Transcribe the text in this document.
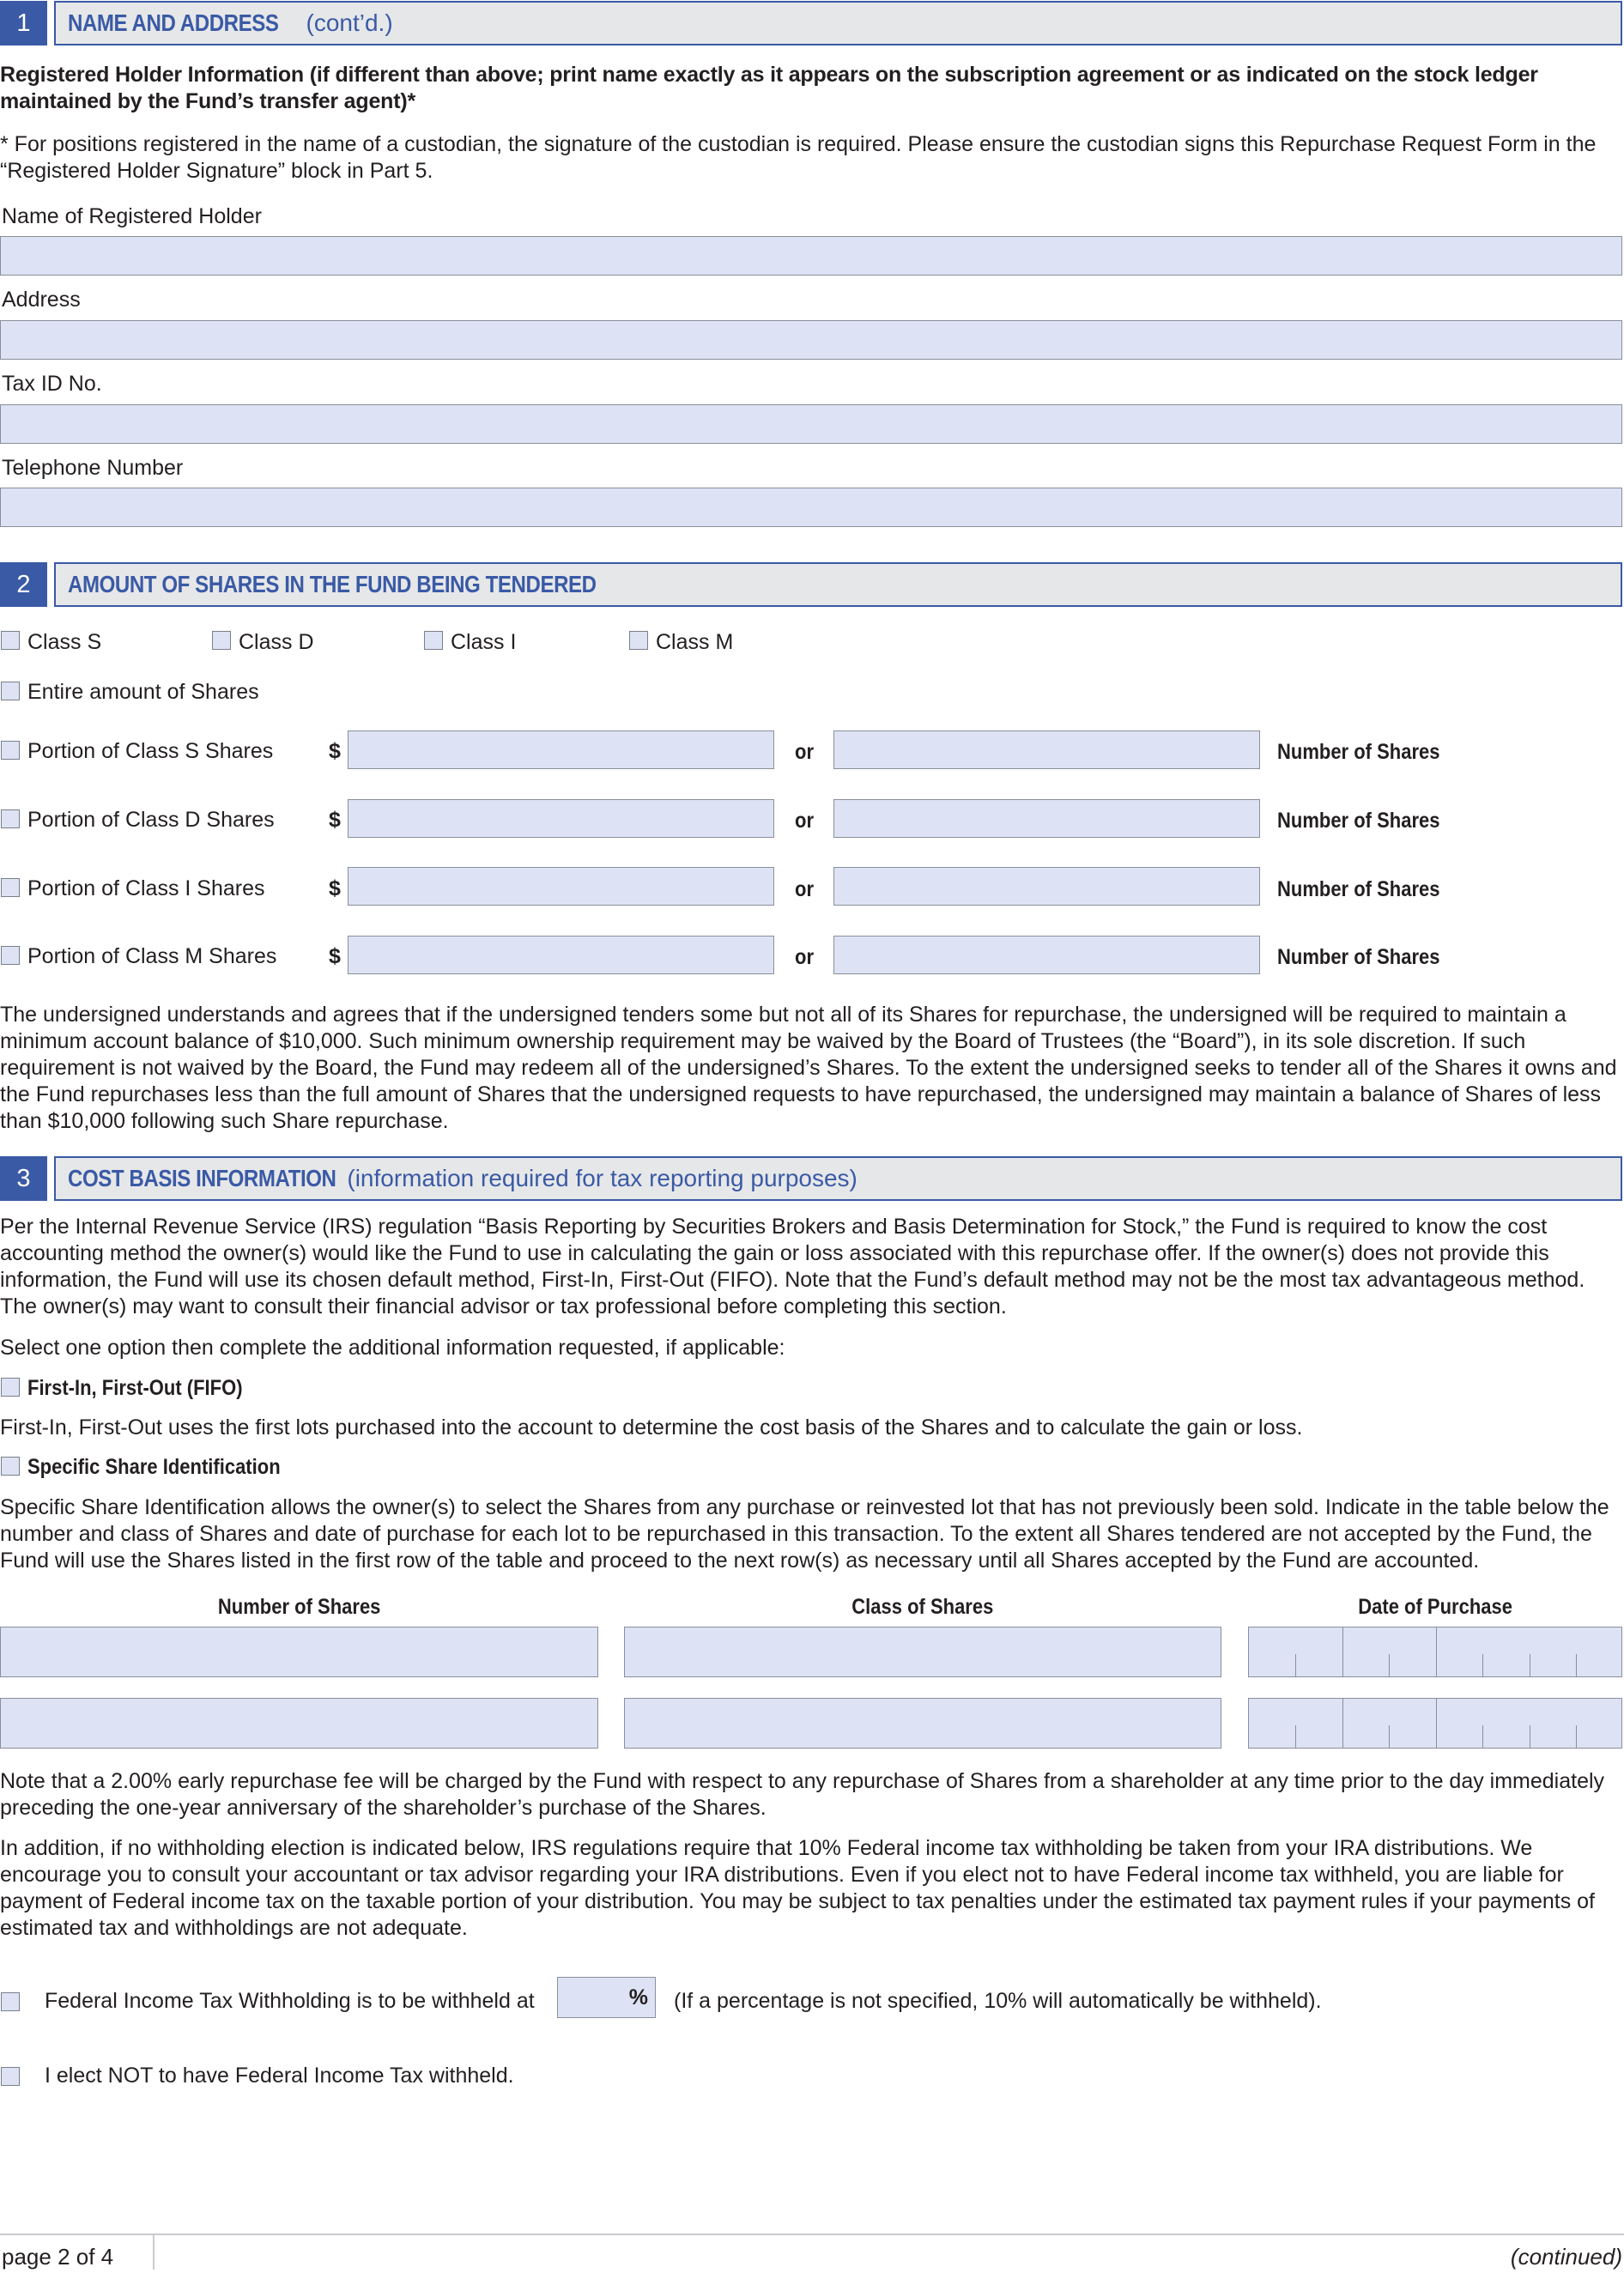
1	NAME AND ADDRESS (cont’d.)
Registered Holder Information (if different than above; print name exactly as it appears on the subscription agreement or as indicated on the stock ledger maintained by the Fund’s transfer agent)*
* For positions registered in the name of a custodian, the signature of the custodian is required. Please ensure the custodian signs this Repurchase Request Form in the “Registered Holder Signature” block in Part 5.
Name of Registered Holder
Address
Tax ID No.
Telephone Number
2	AMOUNT OF SHARES IN THE FUND BEING TENDERED
Class S	Class D	Class I	Class M
Entire amount of Shares
Portion of Class S Shares	$	or	Number of Shares
Portion of Class D Shares	$	or	Number of Shares
Portion of Class I Shares	$	or	Number of Shares
Portion of Class M Shares $	or	Number of Shares
The undersigned understands and agrees that if the undersigned tenders some but not all of its Shares for repurchase, the undersigned will be required to maintain a minimum account balance of $10,000. Such minimum ownership requirement may be waived by the Board of Trustees (the “Board”), in its sole discretion. If such requirement is not waived by the Board, the Fund may redeem all of the undersigned’s Shares. To the extent the undersigned seeks to tender all of the Shares it owns and the Fund repurchases less than the full amount of Shares that the undersigned requests to have repurchased, the undersigned may maintain a balance of Shares of less than $10,000 following such Share repurchase.
3	COST BASIS INFORMATION (information required for tax reporting purposes)
Per the Internal Revenue Service (IRS) regulation “Basis Reporting by Securities Brokers and Basis Determination for Stock,” the Fund is required to know the cost accounting method the owner(s) would like the Fund to use in calculating the gain or loss associated with this repurchase offer. If the owner(s) does not provide this information, the Fund will use its chosen default method, First-In, First-Out (FIFO). Note that the Fund’s default method may not be the most tax advantageous method. The owner(s) may want to consult their financial advisor or tax professional before completing this section.
Select one option then complete the additional information requested, if applicable:
First-In, First-Out (FIFO)
First-In, First-Out uses the first lots purchased into the account to determine the cost basis of the Shares and to calculate the gain or loss.
Specific Share Identification
Specific Share Identification allows the owner(s) to select the Shares from any purchase or reinvested lot that has not previously been sold. Indicate in the table below the number and class of Shares and date of purchase for each lot to be repurchased in this transaction. To the extent all Shares tendered are not accepted by the Fund, the Fund will use the Shares listed in the first row of the table and proceed to the next row(s) as necessary until all Shares accepted by the Fund are accounted.
Number of Shares	Class of Shares	Date of Purchase
Note that a 2.00% early repurchase fee will be charged by the Fund with respect to any repurchase of Shares from a shareholder at any time prior to the day immediately preceding the one-year anniversary of the shareholder’s purchase of the Shares.
In addition, if no withholding election is indicated below, IRS regulations require that 10% Federal income tax withholding be taken from your IRA distributions. We encourage you to consult your accountant or tax advisor regarding your IRA distributions. Even if you elect not to have Federal income tax withheld, you are liable for payment of Federal income tax on the taxable portion of your distribution. You may be subject to tax penalties under the estimated tax payment rules if your payments of estimated tax and withholdings are not adequate.
Federal Income Tax Withholding is to be withheld at	% (If a percentage is not specified, 10% will automatically be withheld).
I elect NOT to have Federal Income Tax withheld.
page 2 of 4	(continued)
